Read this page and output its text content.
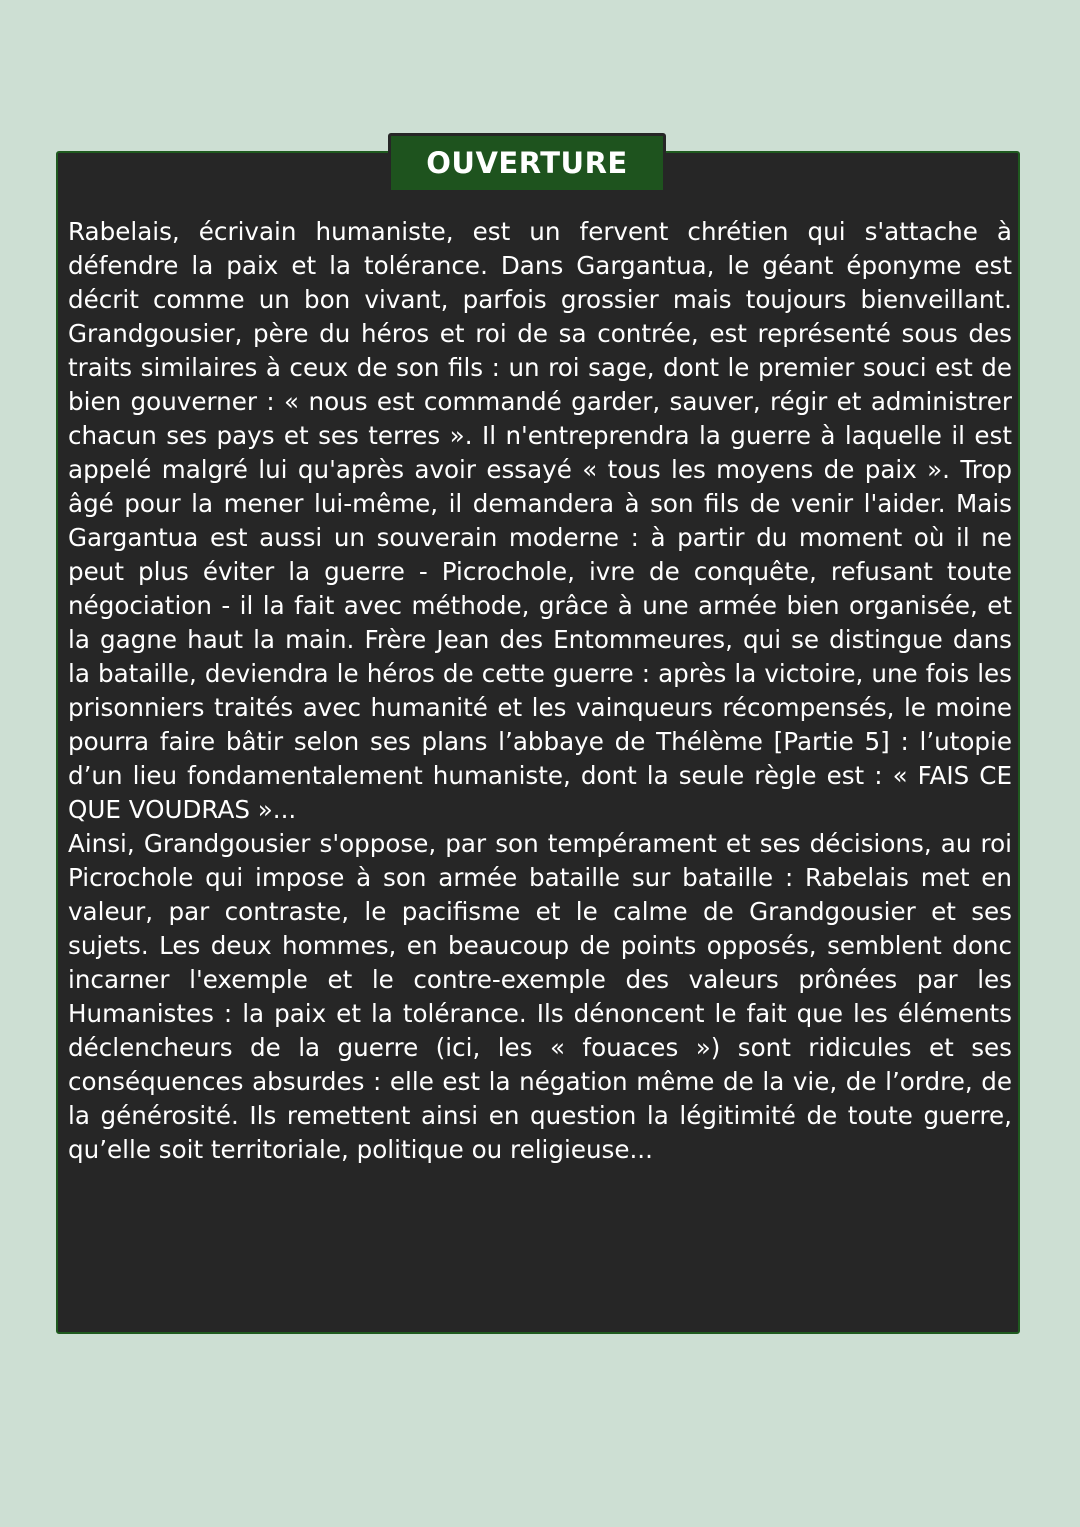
OUVERTURE

Rabelais, écrivain humaniste, est un fervent chrétien qui s'attache à défendre la paix et la tolérance. Dans Gargantua, le géant éponyme est décrit comme un bon vivant, parfois grossier mais toujours bienveillant. Grandgousier, père du héros et roi de sa contrée, est représenté sous des traits similaires à ceux de son fils : un roi sage, dont le premier souci est de bien gouverner : « nous est commandé garder, sauver, régir et administrer chacun ses pays et ses terres ». Il n'entreprendra la guerre à laquelle il est appelé malgré lui qu'après avoir essayé « tous les moyens de paix ». Trop âgé pour la mener lui-même, il demandera à son fils de venir l'aider. Mais Gargantua est aussi un souverain moderne : à partir du moment où il ne peut plus éviter la guerre - Picrochole, ivre de conquête, refusant toute négociation - il la fait avec méthode, grâce à une armée bien organisée, et la gagne haut la main. Frère Jean des Entommeures, qui se distingue dans la bataille, deviendra le héros de cette guerre : après la victoire, une fois les prisonniers traités avec humanité et les vainqueurs récompensés, le moine pourra faire bâtir selon ses plans l’abbaye de Thélème [Partie 5] : l’utopie d’un lieu fondamentalement humaniste, dont la seule règle est : « FAIS CE QUE VOUDRAS »...

Ainsi, Grandgousier s'oppose, par son tempérament et ses décisions, au roi Picrochole qui impose à son armée bataille sur bataille : Rabelais met en valeur, par contraste, le pacifisme et le calme de Grandgousier et ses sujets. Les deux hommes, en beaucoup de points opposés, semblent donc incarner l'exemple et le contre-exemple des valeurs prônées par les Humanistes : la paix et la tolérance. Ils dénoncent le fait que les éléments déclencheurs de la guerre (ici, les « fouaces ») sont ridicules et ses conséquences absurdes : elle est la négation même de la vie, de l’ordre, de la générosité. Ils remettent ainsi en question la légitimité de toute guerre, qu’elle soit territoriale, politique ou religieuse...
